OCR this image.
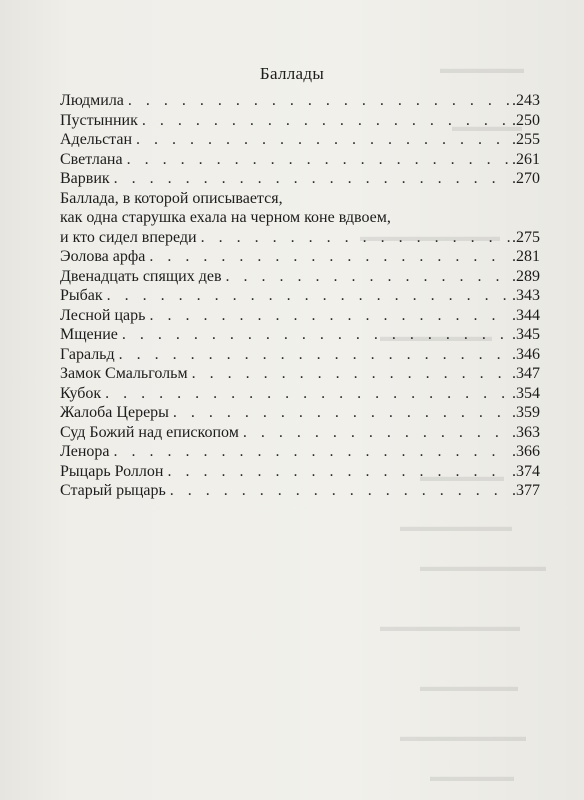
▬▬▬▬▬▬
▬▬▬▬▬
▬▬▬▬▬▬▬▬▬▬
▬▬▬▬▬▬▬▬
▬▬▬▬▬▬
▬▬▬▬▬▬▬▬
▬▬▬▬▬▬▬▬▬
▬▬▬▬▬▬▬▬▬▬
▬▬▬▬▬▬▬
▬▬▬▬▬▬▬▬▬
▬▬▬▬▬▬
Баллады
Людмила . . .	.243
Пустынник . . .	.250
Адельстан . . .	.255
Светлана . . .	.261
Варвик . . .	.270
Баллада, в которой описывается,
как одна старушка ехала на черном коне вдвоем,
и кто сидел впереди . . .	.275
Эолова арфа . . .	.281
Двенадцать спящих дев . . .	.289
Рыбак . . .	.343
Лесной царь . . .	.344
Мщение . . .	.345
Гаральд . . .	.346
Замок Смальгольм . . .	.347
Кубок . . .	.354
Жалоба Цереры . . .	.359
Суд Божий над епископом . . .	.363
Ленора . . .	.366
Рыцарь Роллон . . .	.374
Старый рыцарь . . .	.377
